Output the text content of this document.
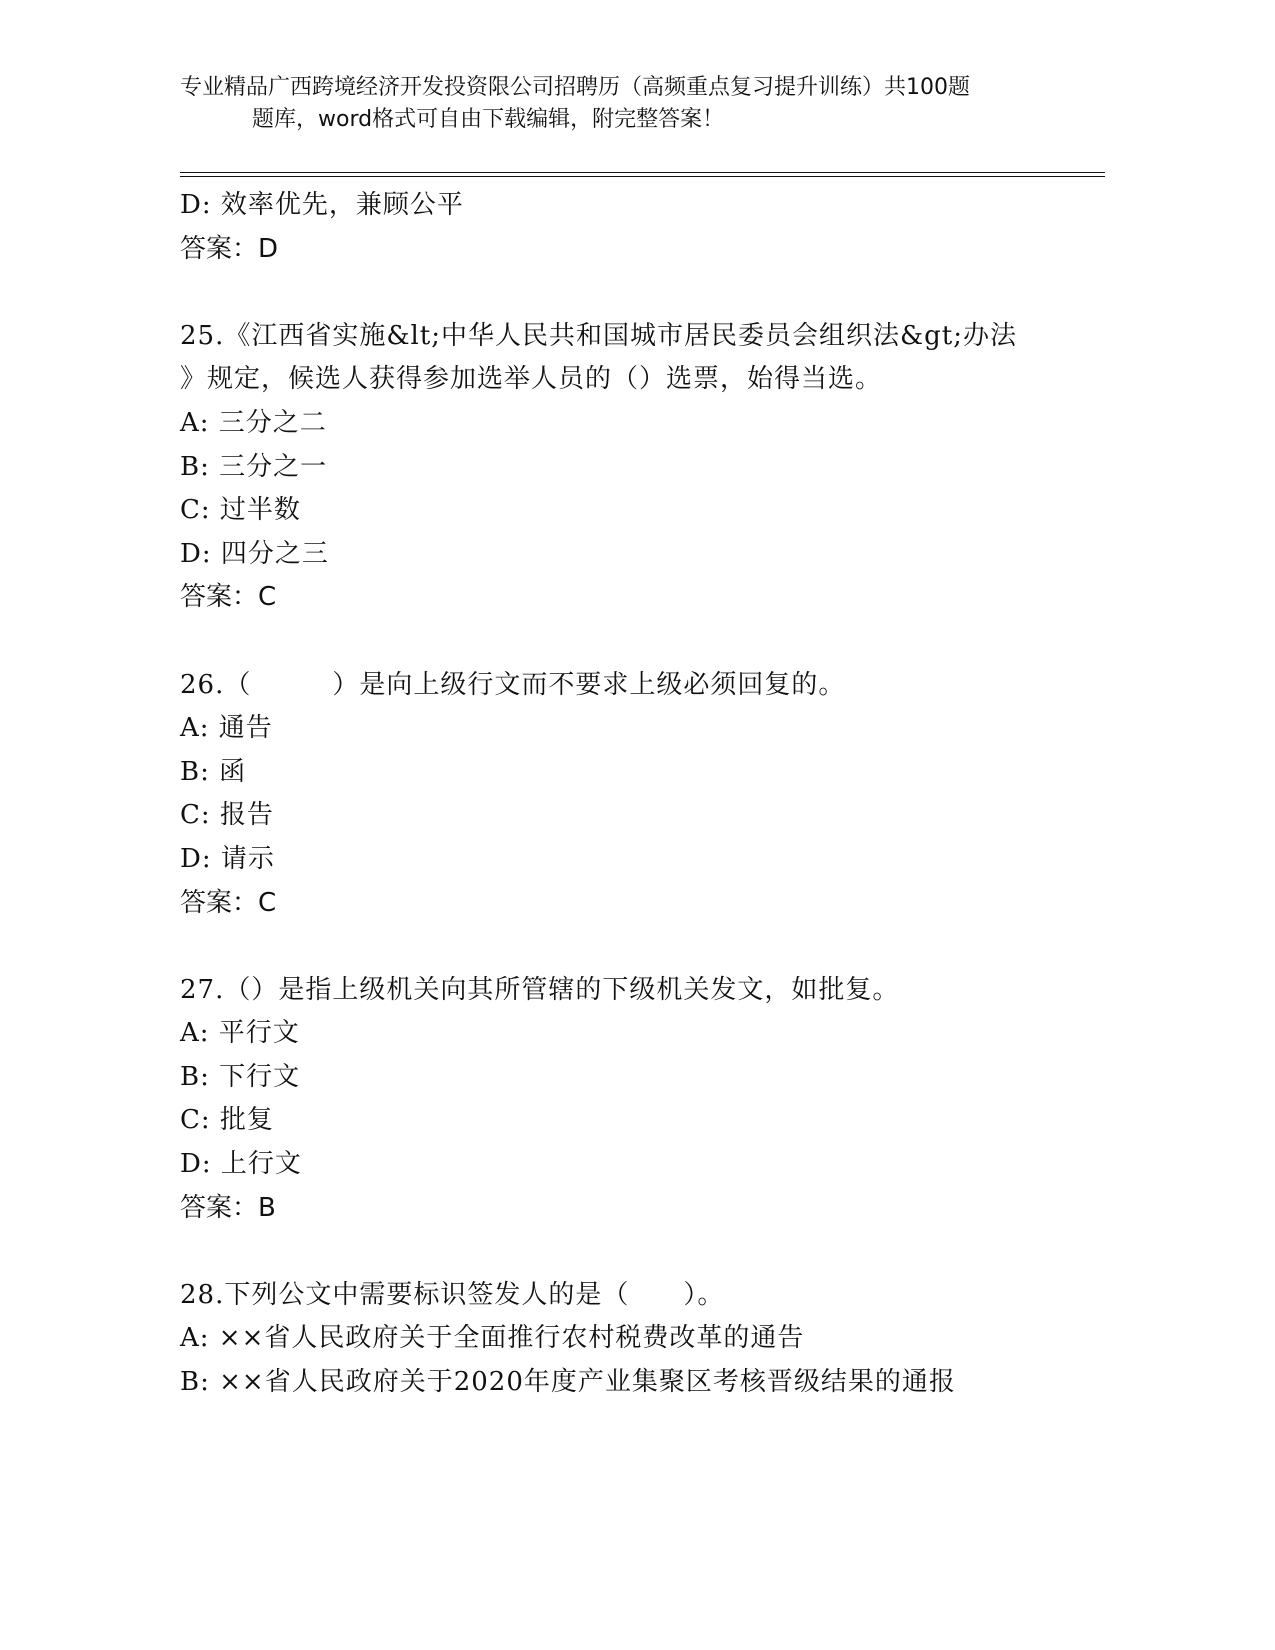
专业精品广西跨境经济开发投资限公司招聘历（高频重点复习提升训练）共100题

题库，word格式可自由下载编辑，附完整答案！
D: 效率优先，兼顾公平
答案：D
25.《江西省实施&lt;中华人民共和国城市居民委员会组织法&gt;办法
》规定，候选人获得参加选举人员的（）选票，始得当选。
A: 三分之二
B: 三分之一
C: 过半数
D: 四分之三
答案：C
26.（　　　）是向上级行文而不要求上级必须回复的。
A: 通告
B: 函
C: 报告
D: 请示
答案：C
27.（）是指上级机关向其所管辖的下级机关发文，如批复。
A: 平行文
B: 下行文
C: 批复
D: 上行文
答案：B
28.下列公文中需要标识签发人的是（　　）。
A: ××省人民政府关于全面推行农村税费改革的通告
B: ××省人民政府关于2020年度产业集聚区考核晋级结果的通报
